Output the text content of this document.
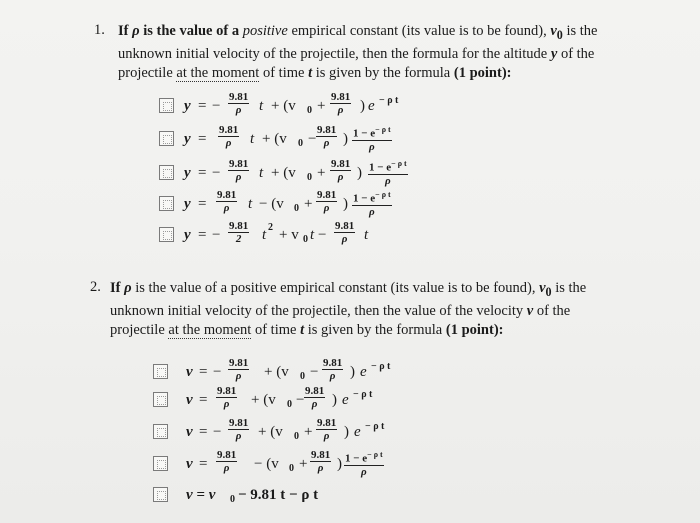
1. If ρ is the value of a positive empirical constant (its value is to be found), $v_0$ is the
unknown initial velocity of the projectile, then the formula for the altitude y of the
projectile at the moment of time t is given by the formula (1 point):
y = − $\frac{9.81}{\rho}$ t + (v $0 + \frac{9.81}{\rho}$ ) e − ρ t
$y = \frac{9.81}{\rho}$ t + (v $0 - \frac{9.81}{\rho}$ ) $\frac{1 - e^{- \rho t}}{\rho}$
y = − $\frac{9.81}{\rho}$ t + (v $0 + \frac{9.81}{\rho}$ ) $\frac{1 - e^{- \rho t}}{\rho}$
$y = \frac{9.81}{\rho}$ t − (v $0 + \frac{9.81}{\rho}$ ) $\frac{1 - e^{- \rho t}}{\rho}$
y = − $\frac{9.81}{2}$ t 2 + v 0 $t - \frac{9.81}{\rho}$ t
2. If ρ is the value of a positive empirical constant (its value is to be found), $v_0$ is the
unknown initial velocity of the projectile, then the value of the velocity v of the
projectile at the moment of time t is given by the formula (1 point):
v = − $\frac{9.81}{\rho} + (v$ $0 - \frac{9.81}{\rho}$ ) e − ρ t
$v = \frac{9.81}{\rho} + (v$ $0 - \frac{9.81}{\rho}$ ) e − ρ t
v = − $\frac{9.81}{\rho} + (v$ $0 + \frac{9.81}{\rho}$ ) e − ρ t
$v = \frac{9.81}{\rho} - (v$ $0 + \frac{9.81}{\rho}$ ) $\frac{1 - e^{- \rho t}}{\rho}$
v = v 0 − 9.81 t − ρ t
